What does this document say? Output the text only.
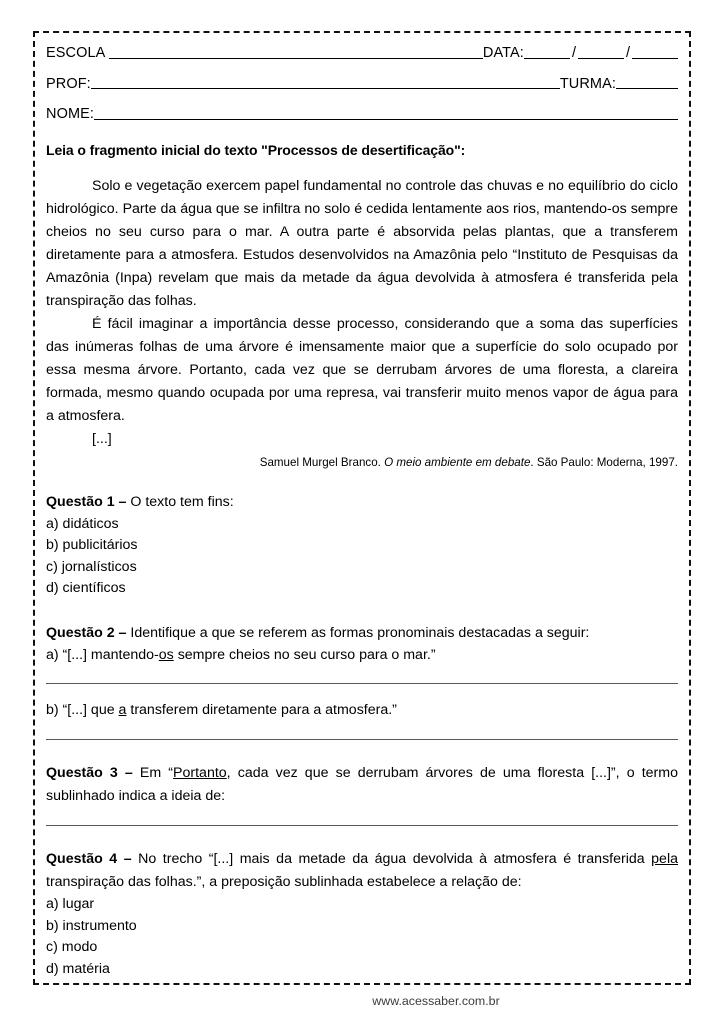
ESCOLA	DATA:	/	/
PROF:	TURMA:
NOME:
Leia o fragmento inicial do texto "Processos de desertificação":

Solo e vegetação exercem papel fundamental no controle das chuvas e no equilíbrio do ciclo hidrológico. Parte da água que se infiltra no solo é cedida lentamente aos rios, mantendo-os sempre cheios no seu curso para o mar. A outra parte é absorvida pelas plantas, que a transferem diretamente para a atmosfera. Estudos desenvolvidos na Amazônia pelo “Instituto de Pesquisas da Amazônia (Inpa) revelam que mais da metade da água devolvida à atmosfera é transferida pela transpiração das folhas.

É fácil imaginar a importância desse processo, considerando que a soma das superfícies das inúmeras folhas de uma árvore é imensamente maior que a superfície do solo ocupado por essa mesma árvore. Portanto, cada vez que se derrubam árvores de uma floresta, a clareira formada, mesmo quando ocupada por uma represa, vai transferir muito menos vapor de água para a atmosfera.

[...]

Samuel Murgel Branco. O meio ambiente em debate. São Paulo: Moderna, 1997.

Questão 1 – O texto tem fins:

a) didáticos

b) publicitários

c) jornalísticos

d) científicos

Questão 2 – Identifique a que se referem as formas pronominais destacadas a seguir:

a) “[...] mantendo-os sempre cheios no seu curso para o mar.”

b) “[...] que a transferem diretamente para a atmosfera.”

Questão 3 – Em “Portanto, cada vez que se derrubam árvores de uma floresta [...]”, o termo sublinhado indica a ideia de:

Questão 4 – No trecho “[...] mais da metade da água devolvida à atmosfera é transferida pela transpiração das folhas.”, a preposição sublinhada estabelece a relação de:

a) lugar

b) instrumento

c) modo

d) matéria

www.acessaber.com.br
